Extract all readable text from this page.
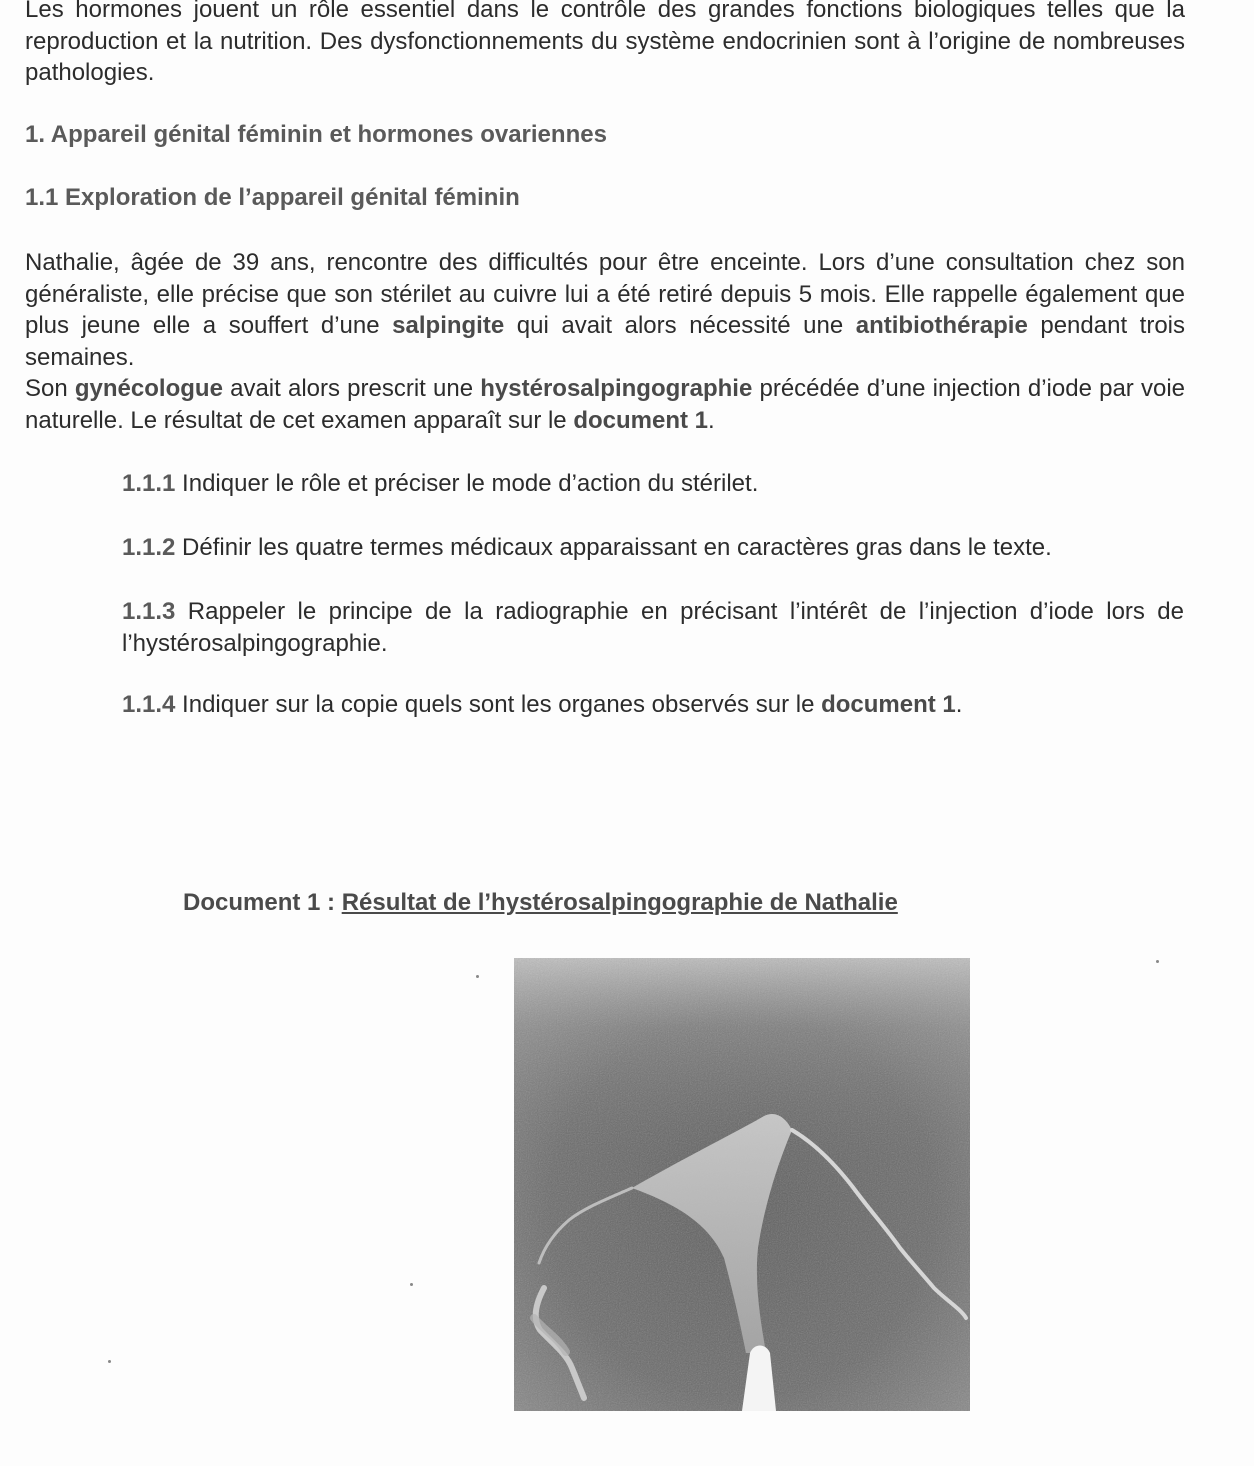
Les hormones jouent un rôle essentiel dans le contrôle des grandes fonctions biologiques telles que la reproduction et la nutrition. Des dysfonctionnements du système endocrinien sont à l’origine de nombreuses pathologies.

1. Appareil génital féminin et hormones ovariennes
1.1 Exploration de l’appareil génital féminin

Nathalie, âgée de 39 ans, rencontre des difficultés pour être enceinte. Lors d’une consultation chez son généraliste, elle précise que son stérilet au cuivre lui a été retiré depuis 5 mois. Elle rappelle également que plus jeune elle a souffert d’une salpingite qui avait alors nécessité une antibiothérapie pendant trois semaines.

Son gynécologue avait alors prescrit une hystérosalpingographie précédée d’une injection d’iode par voie naturelle. Le résultat de cet examen apparaît sur le document 1.

1.1.1 Indiquer le rôle et préciser le mode d’action du stérilet.
1.1.2 Définir les quatre termes médicaux apparaissant en caractères gras dans le texte.
1.1.3 Rappeler le principe de la radiographie en précisant l’intérêt de l’injection d’iode lors de l’hystérosalpingographie.
1.1.4 Indiquer sur la copie quels sont les organes observés sur le document 1.
Document 1 : Résultat de l’hystérosalpingographie de Nathalie
